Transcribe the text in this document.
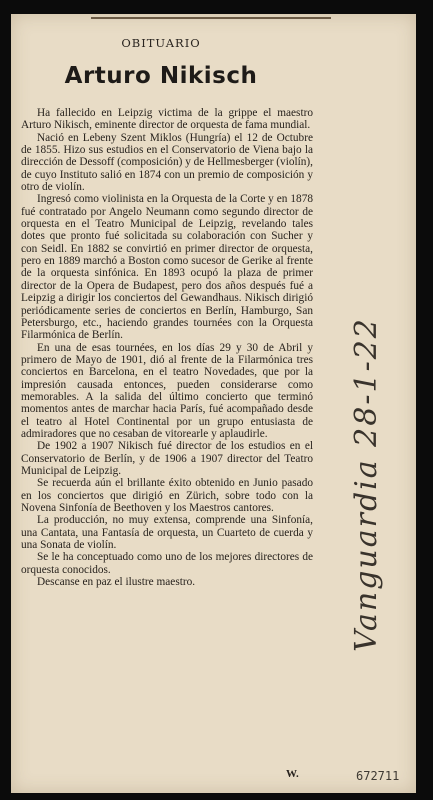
OBITUARIO
Arturo Nikisch

Ha fallecido en Leipzig victima de la grippe el maestro Arturo Nikisch, eminente director de orquesta de fama mundial.

Nació en Lebeny Szent Miklos (Hungría) el 12 de Octubre de 1855. Hizo sus estudios en el Conservatorio de Viena bajo la dirección de Dessoff (composición) y de Hellmesberger (violín), de cuyo Instituto salió en 1874 con un premio de composición y otro de violín.

Ingresó como violinista en la Orquesta de la Corte y en 1878 fué contratado por Angelo Neumann como segundo director de orquesta en el Teatro Municipal de Leipzig, revelando tales dotes que pronto fué solicitada su colaboración con Sucher y con Seidl. En 1882 se convirtió en primer director de orquesta, pero en 1889 marchó a Boston como sucesor de Gerike al frente de la orquesta sinfónica. En 1893 ocupó la plaza de primer director de la Opera de Budapest, pero dos años después fué a Leipzig a dirigir los conciertos del Gewandhaus. Nikisch dirigió periódicamente series de conciertos en Berlín, Hamburgo, San Petersburgo, etc., haciendo grandes tournées con la Orquesta Filarmónica de Berlín.

En una de esas tournées, en los días 29 y 30 de Abril y primero de Mayo de 1901, dió al frente de la Filarmónica tres conciertos en Barcelona, en el teatro Novedades, que por la impresión causada entonces, pueden considerarse como memorables. A la salida del último concierto que terminó momentos antes de marchar hacia París, fué acompañado desde el teatro al Hotel Continental por un grupo entusiasta de admiradores que no cesaban de vitorearle y aplaudirle.

De 1902 a 1907 Nikisch fué director de los estudios en el Conservatorio de Berlín, y de 1906 a 1907 director del Teatro Municipal de Leipzig.

Se recuerda aún el brillante éxito obtenido en Junio pasado en los conciertos que dirigió en Zürich, sobre todo con la Novena Sinfonía de Beethoven y los Maestros cantores.

La producción, no muy extensa, comprende una Sinfonía, una Cantata, una Fantasía de orquesta, un Cuarteto de cuerda y una Sonata de violín.

Se le ha conceptuado como uno de los mejores directores de orquesta conocidos.

Descanse en paz el ilustre maestro.

W.
Vanguardia 28-1-22
672711
